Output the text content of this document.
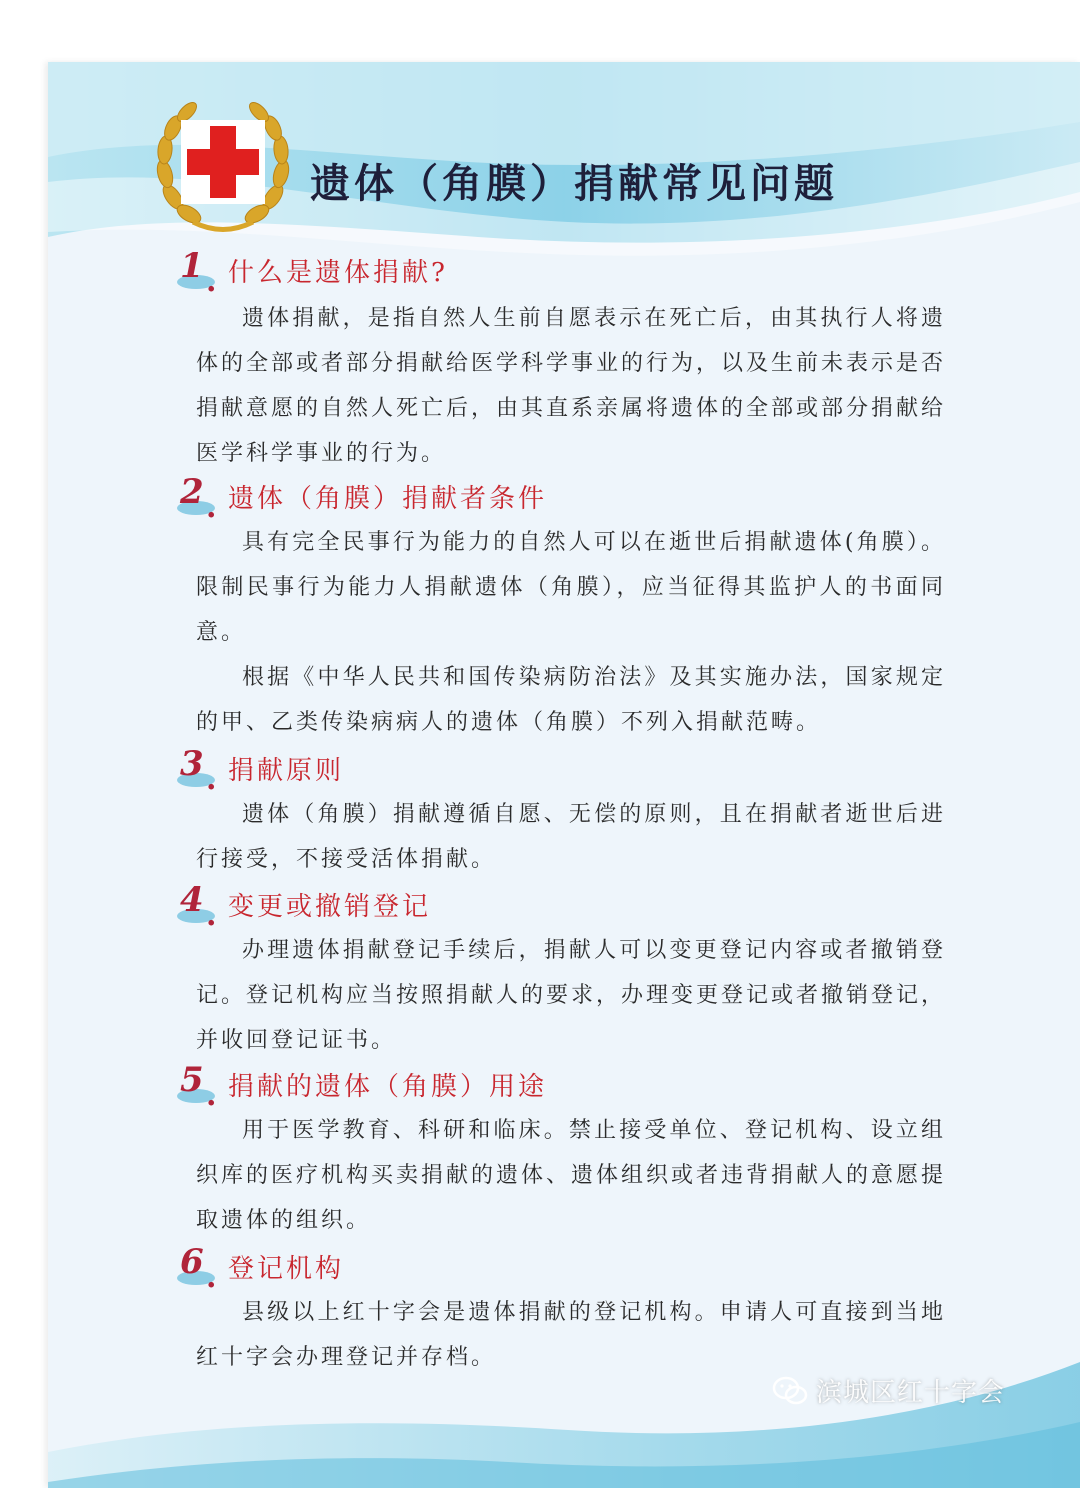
遗体（角膜）捐献常见问题
1 . 什么是遗体捐献?
遗体捐献，是指自然人生前自愿表示在死亡后，由其执行人将遗体的全部或者部分捐献给医学科学事业的行为，以及生前未表示是否捐献意愿的自然人死亡后，由其直系亲属将遗体的全部或部分捐献给医学科学事业的行为。
2 . 遗体（角膜）捐献者条件
具有完全民事行为能力的自然人可以在逝世后捐献遗体(角膜）。限制民事行为能力人捐献遗体（角膜），应当征得其监护人的书面同意。
根据《中华人民共和国传染病防治法》及其实施办法，国家规定的甲、乙类传染病病人的遗体（角膜）不列入捐献范畴。
3 . 捐献原则
遗体（角膜）捐献遵循自愿、无偿的原则，且在捐献者逝世后进行接受，不接受活体捐献。
4 . 变更或撤销登记
办理遗体捐献登记手续后，捐献人可以变更登记内容或者撤销登记。登记机构应当按照捐献人的要求，办理变更登记或者撤销登记，并收回登记证书。
5 . 捐献的遗体（角膜）用途
用于医学教育、科研和临床。禁止接受单位、登记机构、设立组织库的医疗机构买卖捐献的遗体、遗体组织或者违背捐献人的意愿提取遗体的组织。
6 . 登记机构
县级以上红十字会是遗体捐献的登记机构。申请人可直接到当地红十字会办理登记并存档。
滨城区红十字会
